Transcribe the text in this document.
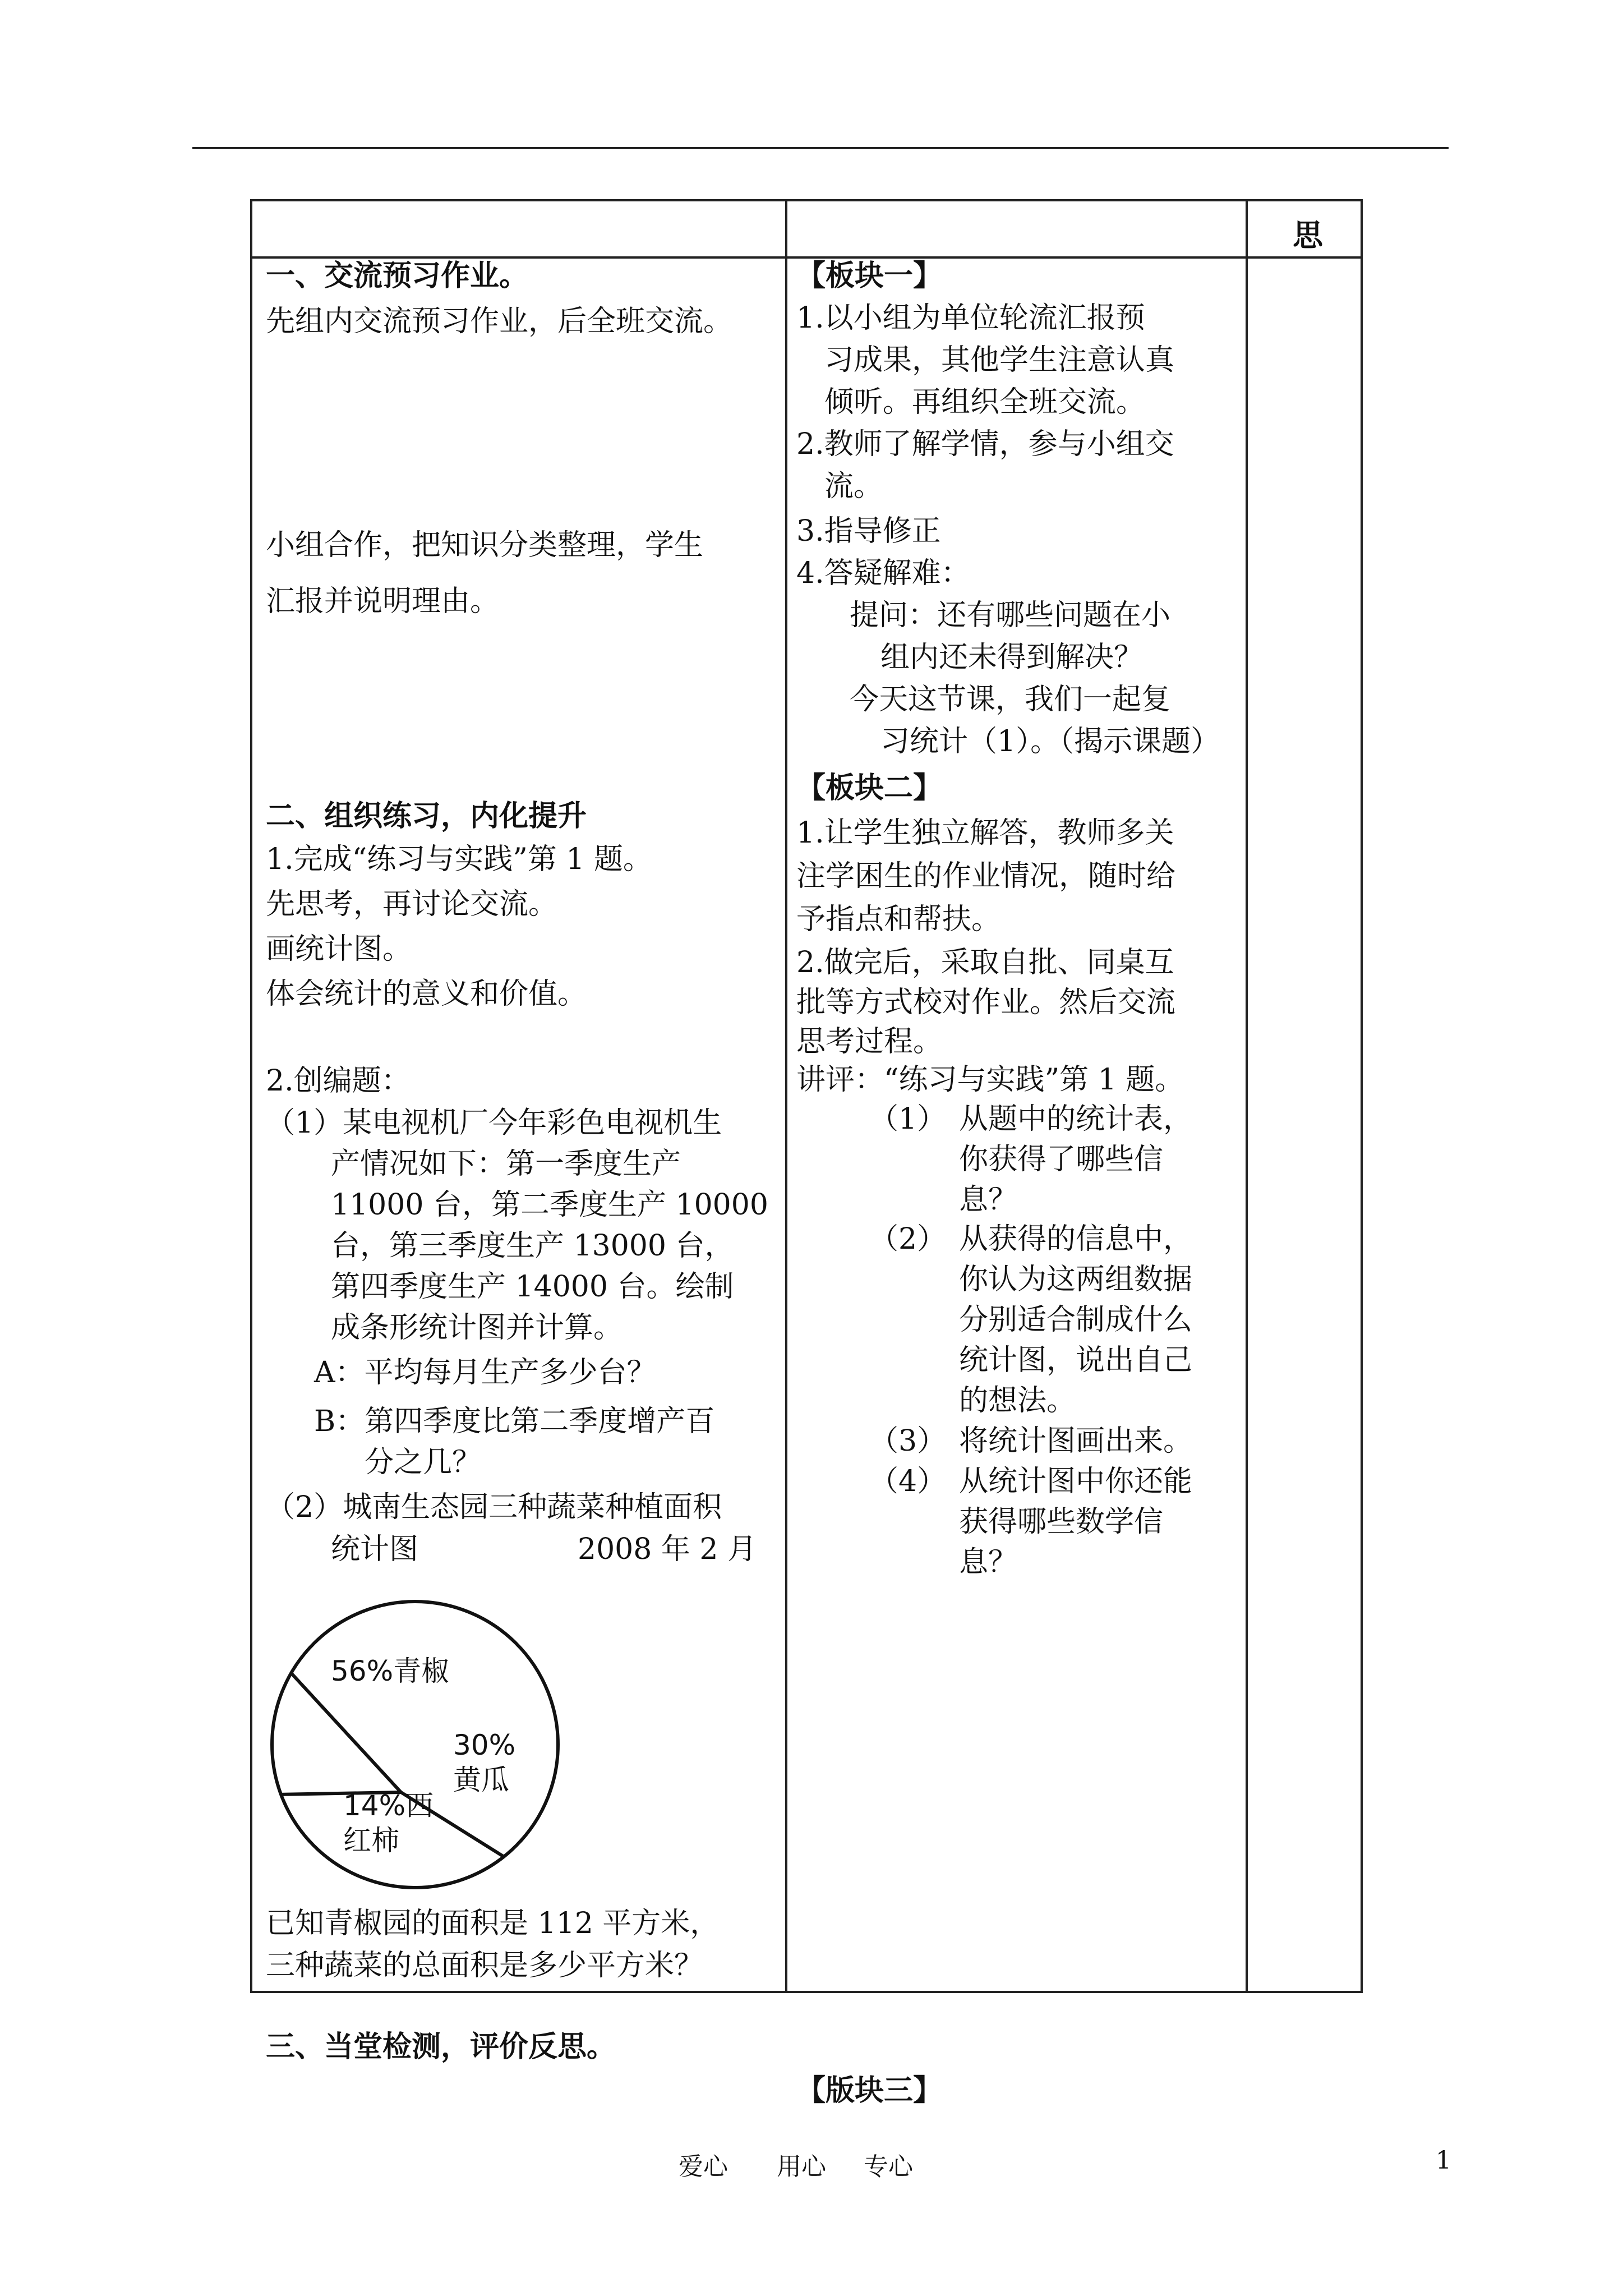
思
一、交流预习作业。
先组内交流预习作业，后全班交流。
小组合作，把知识分类整理，学生
汇报并说明理由。
二、组织练习，内化提升
1.完成“练习与实践”第 1 题。
先思考，再讨论交流。
画统计图。
体会统计的意义和价值。
2.创编题：
（1）某电视机厂今年彩色电视机生
产情况如下：第一季度生产
11000 台，第二季度生产 10000
台，第三季度生产 13000 台，
第四季度生产 14000 台。绘制
成条形统计图并计算。
A：平均每月生产多少台？
B：第四季度比第二季度增产百
分之几？
（2）城南生态园三种蔬菜种植面积
统计图	2008 年 2 月
56%青椒
30%
黄瓜
14%西
红柿
已知青椒园的面积是 112 平方米，
三种蔬菜的总面积是多少平方米？
三、当堂检测，评价反思。
【板块一】
1.以小组为单位轮流汇报预
习成果，其他学生注意认真
倾听。再组织全班交流。
2.教师了解学情，参与小组交
流。
3.指导修正
4.答疑解难：
提问：还有哪些问题在小
组内还未得到解决？
今天这节课，我们一起复
习统计（1）。（揭示课题）
【板块二】
1.让学生独立解答，教师多关
注学困生的作业情况，随时给
予指点和帮扶。
2.做完后，采取自批、同桌互
批等方式校对作业。然后交流
思考过程。
讲评：“练习与实践”第 1 题。
（1） 从题中的统计表，
你获得了哪些信
息？
（2） 从获得的信息中，
你认为这两组数据
分别适合制成什么
统计图，说出自己
的想法。
（3） 将统计图画出来。
（4） 从统计图中你还能
获得哪些数学信
息？
【版块三】
爱心 用心 专心	1
